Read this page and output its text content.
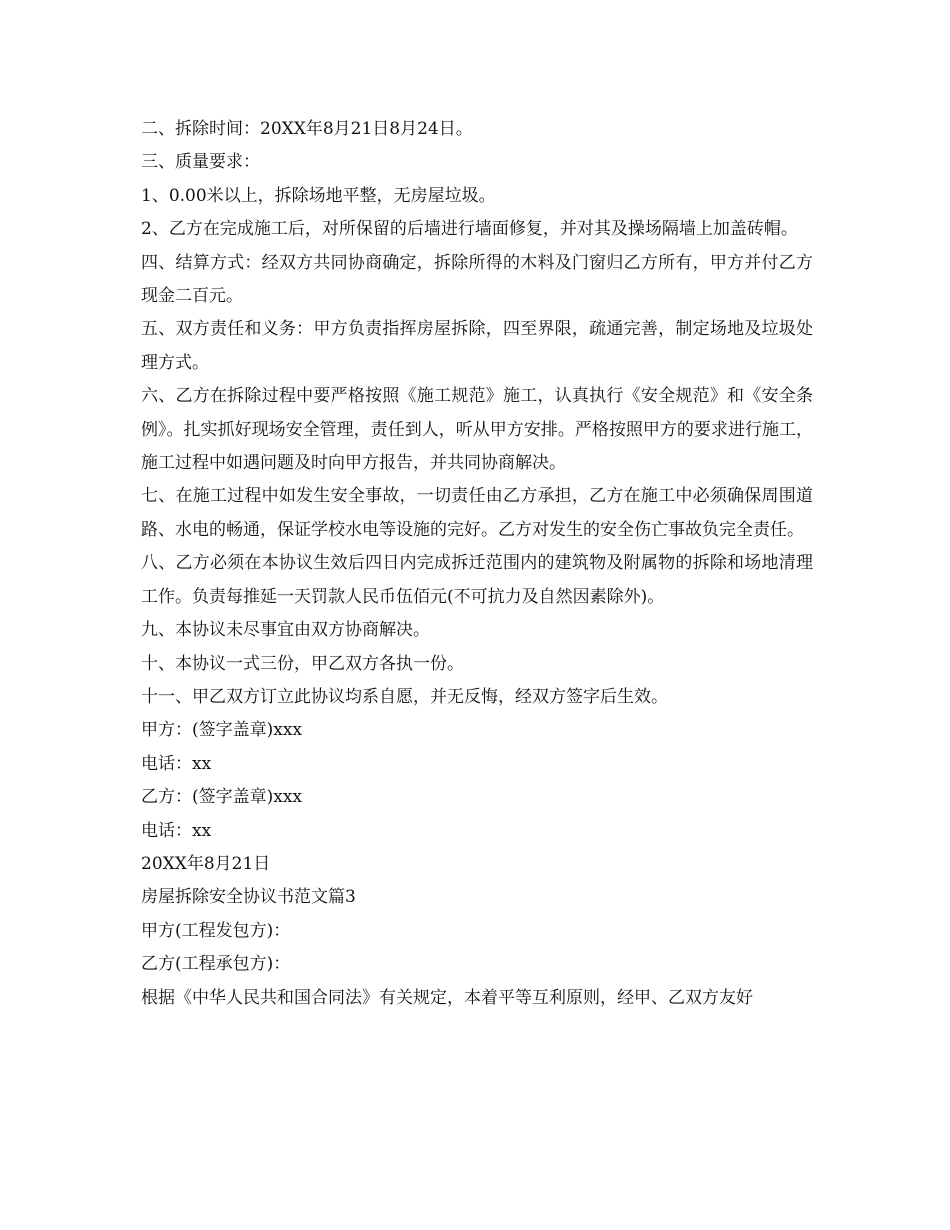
二、拆除时间：20XX年8月21日8月24日。

三、质量要求：

1、0.00米以上，拆除场地平整，无房屋垃圾。

2、乙方在完成施工后，对所保留的后墙进行墙面修复，并对其及操场隔墙上加盖砖帽。

四、结算方式：经双方共同协商确定，拆除所得的木料及门窗归乙方所有，甲方并付乙方现金二百元。

五、双方责任和义务：甲方负责指挥房屋拆除，四至界限，疏通完善，制定场地及垃圾处理方式。

六、乙方在拆除过程中要严格按照《施工规范》施工，认真执行《安全规范》和《安全条例》。扎实抓好现场安全管理，责任到人，听从甲方安排。严格按照甲方的要求进行施工，施工过程中如遇问题及时向甲方报告，并共同协商解决。

七、在施工过程中如发生安全事故，一切责任由乙方承担，乙方在施工中必须确保周围道路、水电的畅通，保证学校水电等设施的完好。乙方对发生的安全伤亡事故负完全责任。

八、乙方必须在本协议生效后四日内完成拆迁范围内的建筑物及附属物的拆除和场地清理工作。负责每推延一天罚款人民币伍佰元(不可抗力及自然因素除外)。

九、本协议未尽事宜由双方协商解决。

十、本协议一式三份，甲乙双方各执一份。

十一、甲乙双方订立此协议均系自愿，并无反悔，经双方签字后生效。

甲方：(签字盖章)xxx

电话：xx

乙方：(签字盖章)xxx

电话：xx

20XX年8月21日

房屋拆除安全协议书范文篇3

甲方(工程发包方)：

乙方(工程承包方)：

根据《中华人民共和国合同法》有关规定，本着平等互利原则，经甲、乙双方友好
